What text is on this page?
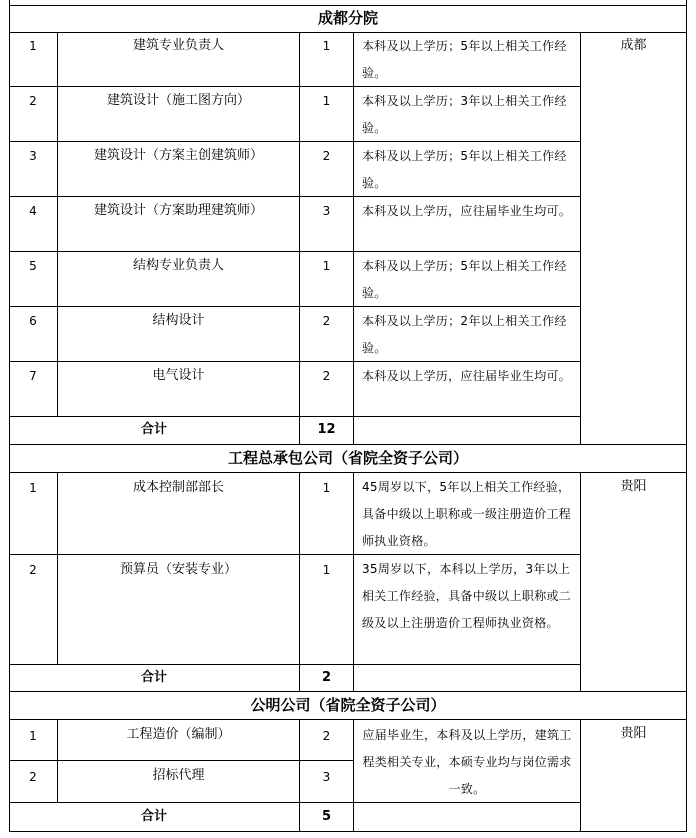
成都分院
成都
1	建筑专业负责人	1	本科及以上学历；5年以上相关工作经验。
2	建筑设计（施工图方向）	1	本科及以上学历；3年以上相关工作经验。
3	建筑设计（方案主创建筑师）	2	本科及以上学历；5年以上相关工作经验。
4	建筑设计（方案助理建筑师）	3	本科及以上学历，应往届毕业生均可。
5	结构专业负责人	1	本科及以上学历；5年以上相关工作经验。
6	结构设计	2	本科及以上学历；2年以上相关工作经验。
7	电气设计	2	本科及以上学历，应往届毕业生均可。
合计	12
工程总承包公司（省院全资子公司）
贵阳
1	成本控制部部长	1	45周岁以下，5年以上相关工作经验，具备中级以上职称或一级注册造价工程师执业资格。
2	预算员（安装专业）	1	35周岁以下，本科以上学历，3年以上相关工作经验，具备中级以上职称或二级及以上注册造价工程师执业资格。
合计	2
公明公司（省院全资子公司）
贵阳
1	工程造价（编制）	2
2	招标代理	3
应届毕业生，本科及以上学历，建筑工程类相关专业，本硕专业均与岗位需求一致。
合计	5
